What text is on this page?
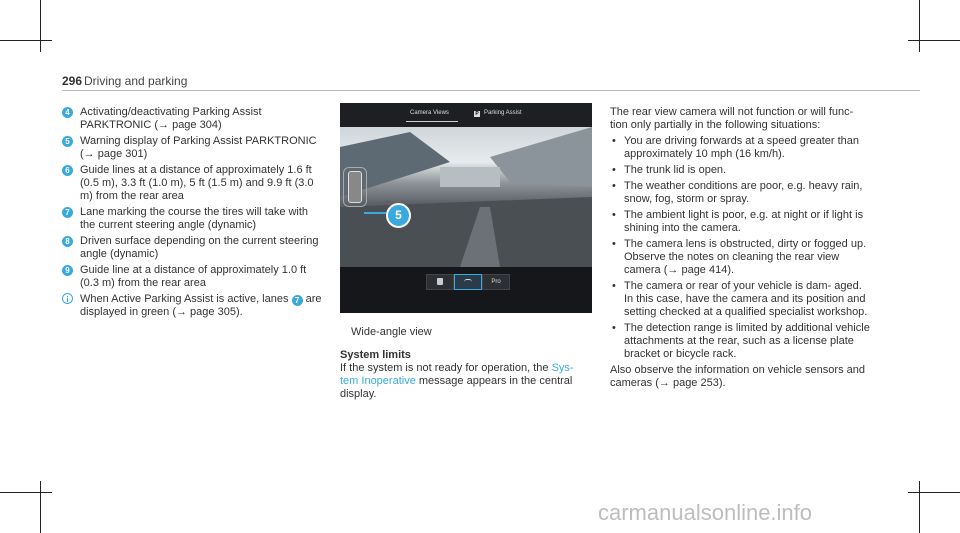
296 Driving and parking
4 Activating/deactivating Parking Assist PARKTRONIC (→ page 304)
5 Warning display of Parking Assist PARKTRONIC (→ page 301)
6 Guide lines at a distance of approximately 1.6 ft (0.5 m), 3.3 ft (1.0 m), 5 ft (1.5 m) and 9.9 ft (3.0 m) from the rear area
7 Lane marking the course the tires will take with the current steering angle (dynamic)
8 Driven surface depending on the current steering angle (dynamic)
9 Guide line at a distance of approximately 1.0 ft (0.3 m) from the rear area
i	When Active Parking Assist is active, lanes 7 are displayed in green (→ page 305).
Camera Views	P Parking Assist
Pro
5
Wide-angle view
System limits
If the system is not ready for operation, the Sys- tem Inoperative message appears in the central display.
The rear view camera will not function or will func- tion only partially in the following situations:
• You are driving forwards at a speed greater than approximately 10 mph (16 km/h).
• The trunk lid is open.
• The weather conditions are poor, e.g. heavy rain, snow, fog, storm or spray.
• The ambient light is poor, e.g. at night or if light is shining into the camera.
• The camera lens is obstructed, dirty or fogged up. Observe the notes on cleaning the rear view camera (→ page 414).
• The camera or rear of your vehicle is dam- aged. In this case, have the camera and its position and setting checked at a qualified specialist workshop.
• The detection range is limited by additional vehicle attachments at the rear, such as a license plate bracket or bicycle rack.
Also observe the information on vehicle sensors and cameras (→ page 253).
carmanualsonline.info
